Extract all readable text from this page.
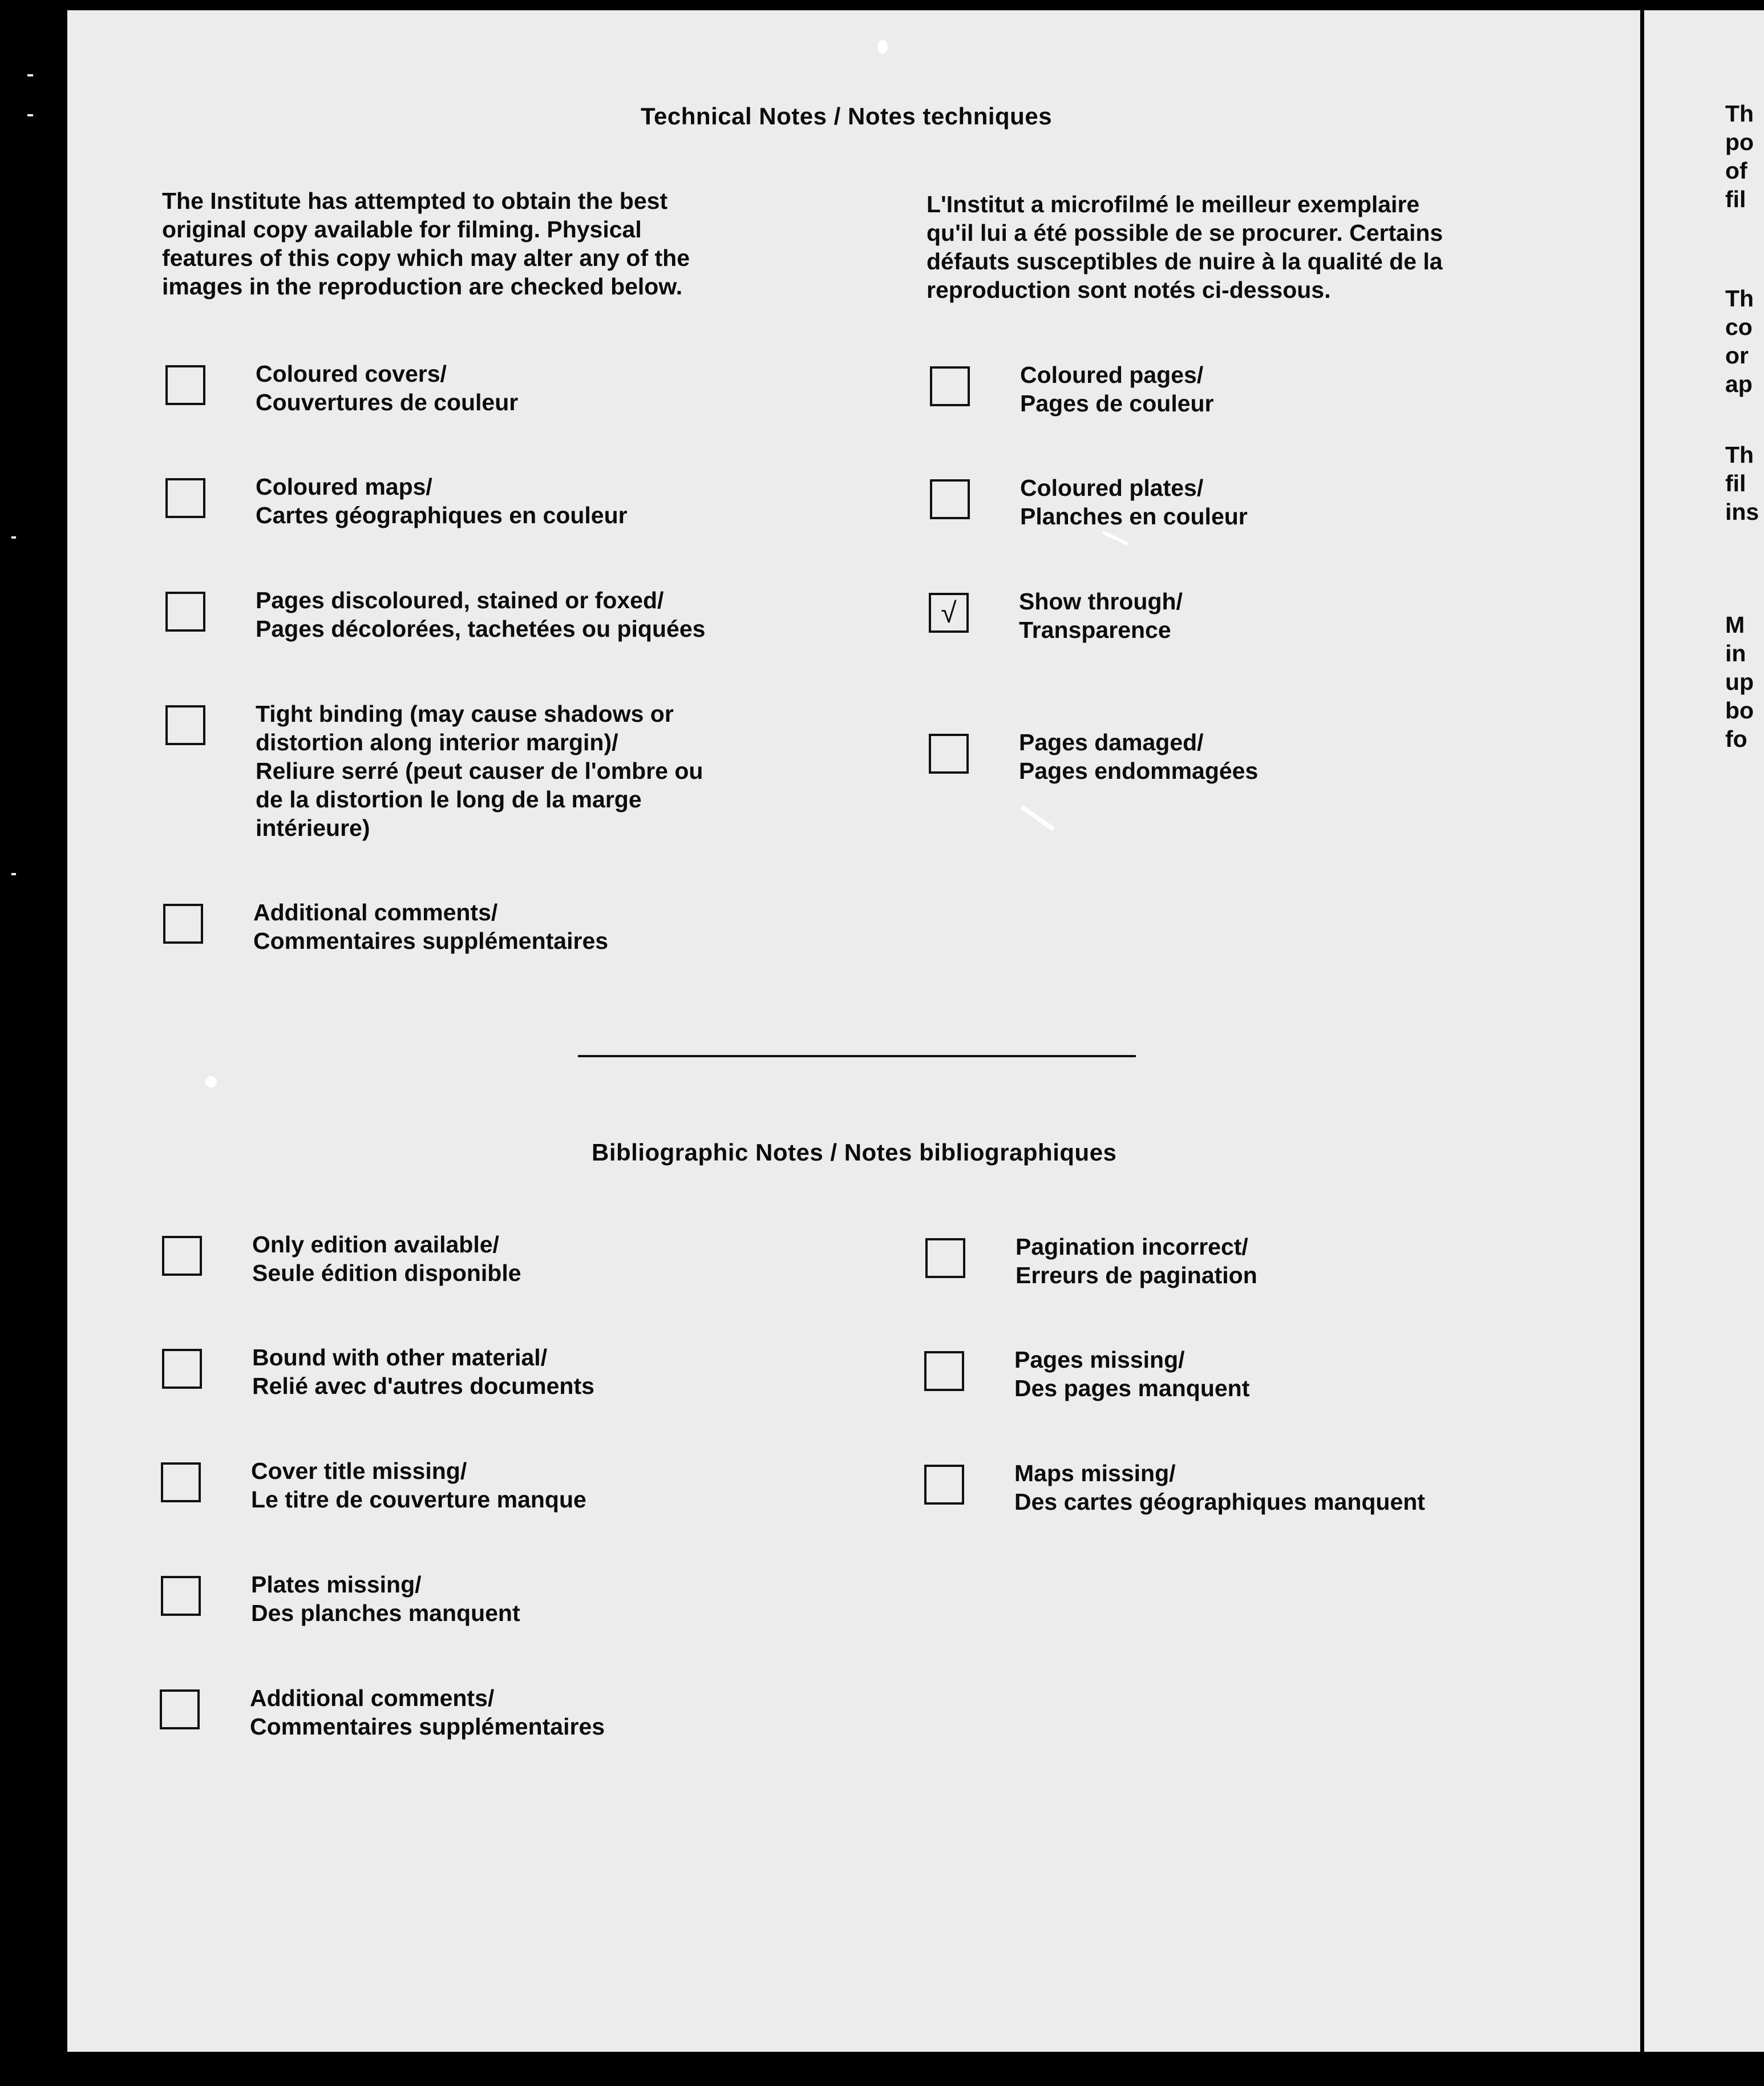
Technical Notes / Notes techniques
The Institute has attempted to obtain the best
original copy available for filming. Physical
features of this copy which may alter any of the
images in the reproduction are checked below.
L'Institut a microfilmé le meilleur exemplaire
qu'il lui a été possible de se procurer. Certains
défauts susceptibles de nuire à la qualité de la
reproduction sont notés ci-dessous.
Coloured covers/
Couvertures de couleur
Coloured maps/
Cartes géographiques en couleur
Pages discoloured, stained or foxed/
Pages décolorées, tachetées ou piquées
Tight binding (may cause shadows or
distortion along interior margin)/
Reliure serré (peut causer de l'ombre ou
de la distortion le long de la marge
intérieure)
Additional comments/
Commentaires supplémentaires
Coloured pages/
Pages de couleur
Coloured plates/
Planches en couleur
√	Show through/
Transparence
Pages damaged/
Pages endommagées
Bibliographic Notes / Notes bibliographiques
Only edition available/
Seule édition disponible
Bound with other material/
Relié avec d'autres documents
Cover title missing/
Le titre de couverture manque
Plates missing/
Des planches manquent
Additional comments/
Commentaires supplémentaires
Pagination incorrect/
Erreurs de pagination
Pages missing/
Des pages manquent
Maps missing/
Des cartes géographiques manquent
Th
po
of
fil
Th
co
or
ap
Th
fil
ins
M
in
up
bo
fo
